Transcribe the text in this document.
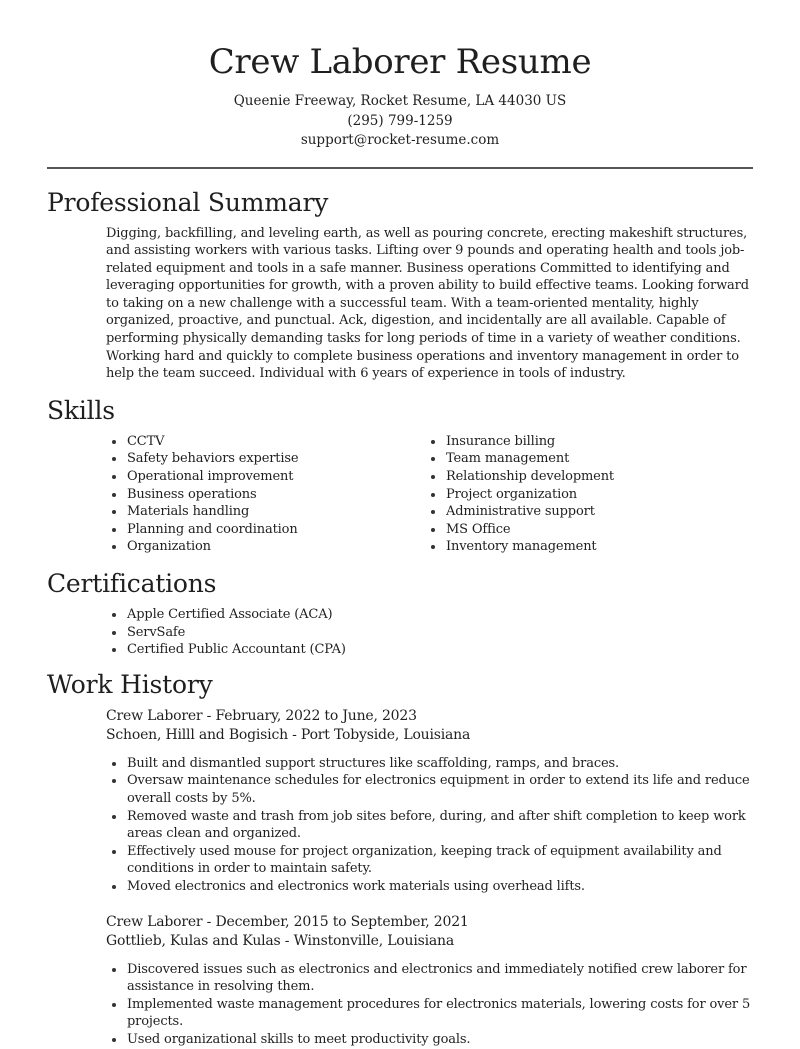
Crew Laborer Resume
Queenie Freeway, Rocket Resume, LA 44030 US
(295) 799-1259
support@rocket-resume.com
Professional Summary

Digging, backfilling, and leveling earth, as well as pouring concrete, erecting makeshift structures, and assisting workers with various tasks. Lifting over 9 pounds and operating health and tools job-related equipment and tools in a safe manner. Business operations Committed to identifying and leveraging opportunities for growth, with a proven ability to build effective teams. Looking forward to taking on a new challenge with a successful team. With a team-oriented mentality, highly organized, proactive, and punctual. Ack, digestion, and incidentally are all available. Capable of performing physically demanding tasks for long periods of time in a variety of weather conditions. Working hard and quickly to complete business operations and inventory management in order to help the team succeed. Individual with 6 years of experience in tools of industry.

Skills
CCTV
Safety behaviors expertise
Operational improvement
Business operations
Materials handling
Planning and coordination
Organization
Insurance billing
Team management
Relationship development
Project organization
Administrative support
MS Office
Inventory management
Certifications
Apple Certified Associate (ACA)
ServSafe
Certified Public Accountant (CPA)
Work History
Crew Laborer - February, 2022 to June, 2023
Schoen, Hilll and Bogisich - Port Tobyside, Louisiana
Built and dismantled support structures like scaffolding, ramps, and braces.
Oversaw maintenance schedules for electronics equipment in order to extend its life and reduce overall costs by 5%.
Removed waste and trash from job sites before, during, and after shift completion to keep work areas clean and organized.
Effectively used mouse for project organization, keeping track of equipment availability and conditions in order to maintain safety.
Moved electronics and electronics work materials using overhead lifts.
Crew Laborer - December, 2015 to September, 2021
Gottlieb, Kulas and Kulas - Winstonville, Louisiana
Discovered issues such as electronics and electronics and immediately notified crew laborer for assistance in resolving them.
Implemented waste management procedures for electronics materials, lowering costs for over 5 projects.
Used organizational skills to meet productivity goals.
